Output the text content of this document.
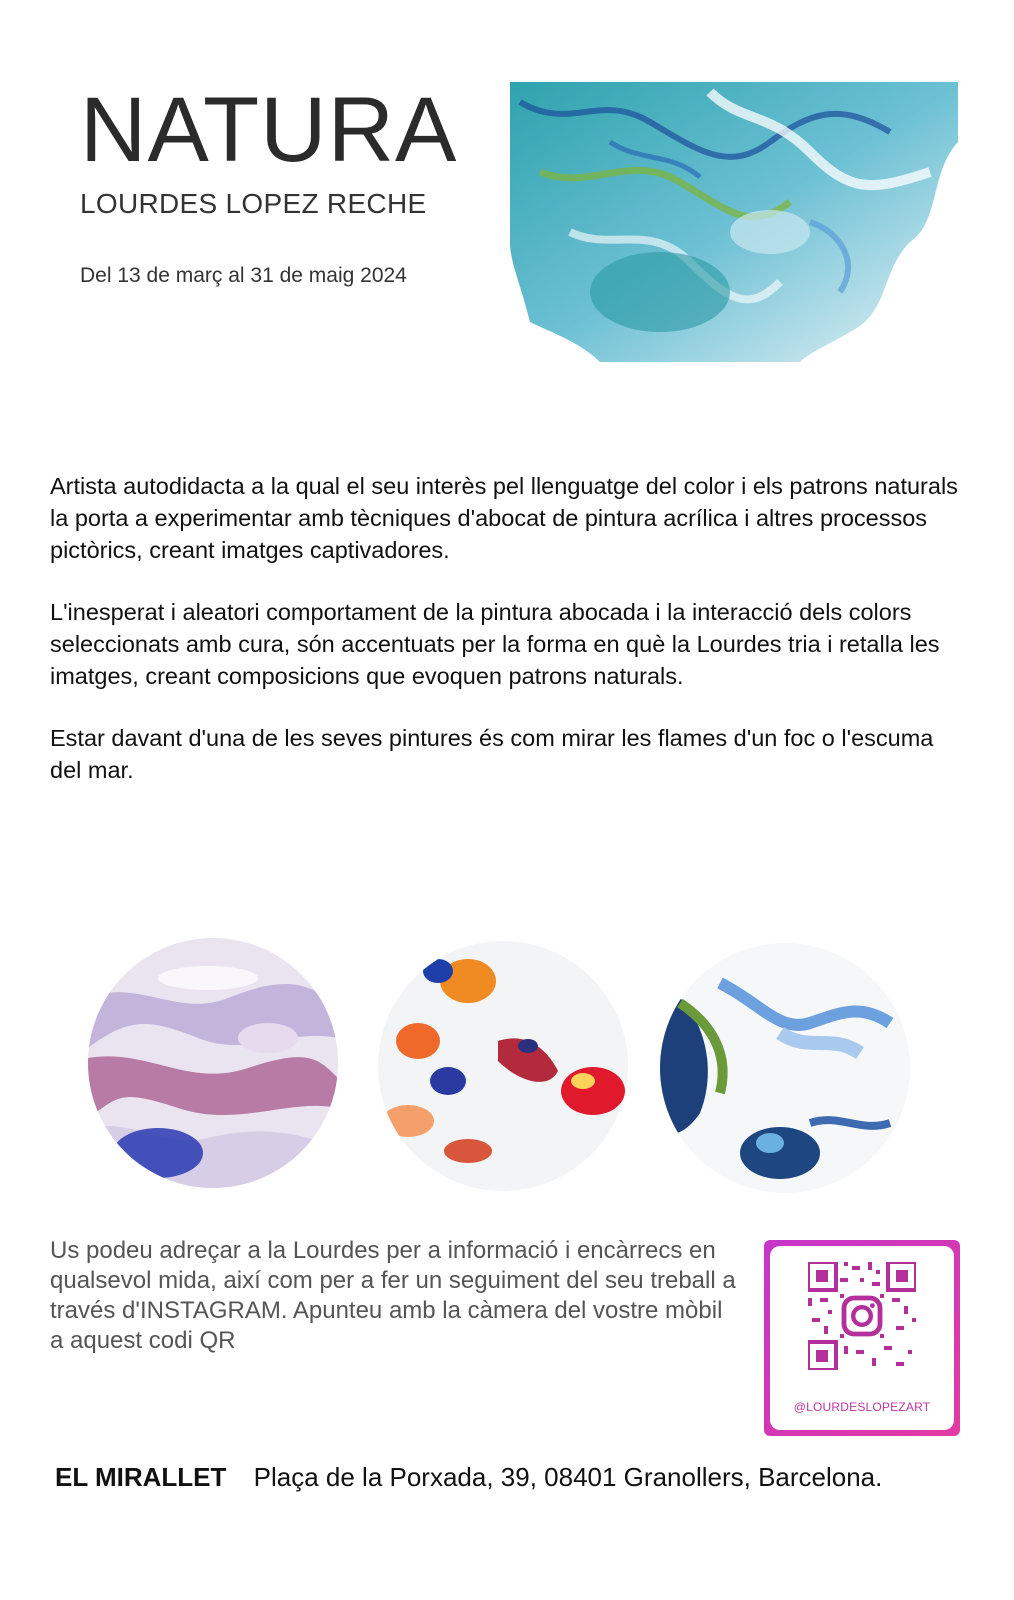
NATURA
LOURDES LOPEZ RECHE
Del 13 de març al 31 de maig 2024

Artista autodidacta a la qual el seu interès pel llenguatge del color i els patrons naturals la porta a experimentar amb tècniques d'abocat de pintura acrílica i altres processos pictòrics, creant imatges captivadores.

L'inesperat i aleatori comportament de la pintura abocada i la interacció dels colors seleccionats amb cura, són accentuats per la forma en què la Lourdes tria i retalla les imatges, creant composicions que evoquen patrons naturals.

Estar davant d'una de les seves pintures és com mirar les flames d'un foc o l'escuma del mar.

Us podeu adreçar a la Lourdes per a informació i encàrrecs en qualsevol mida, així com per a fer un seguiment del seu treball a través d'INSTAGRAM. Apunteu amb la càmera del vostre mòbil a aquest codi QR
@LOURDESLOPEZART
EL MIRALLET Plaça de la Porxada, 39, 08401 Granollers, Barcelona.
